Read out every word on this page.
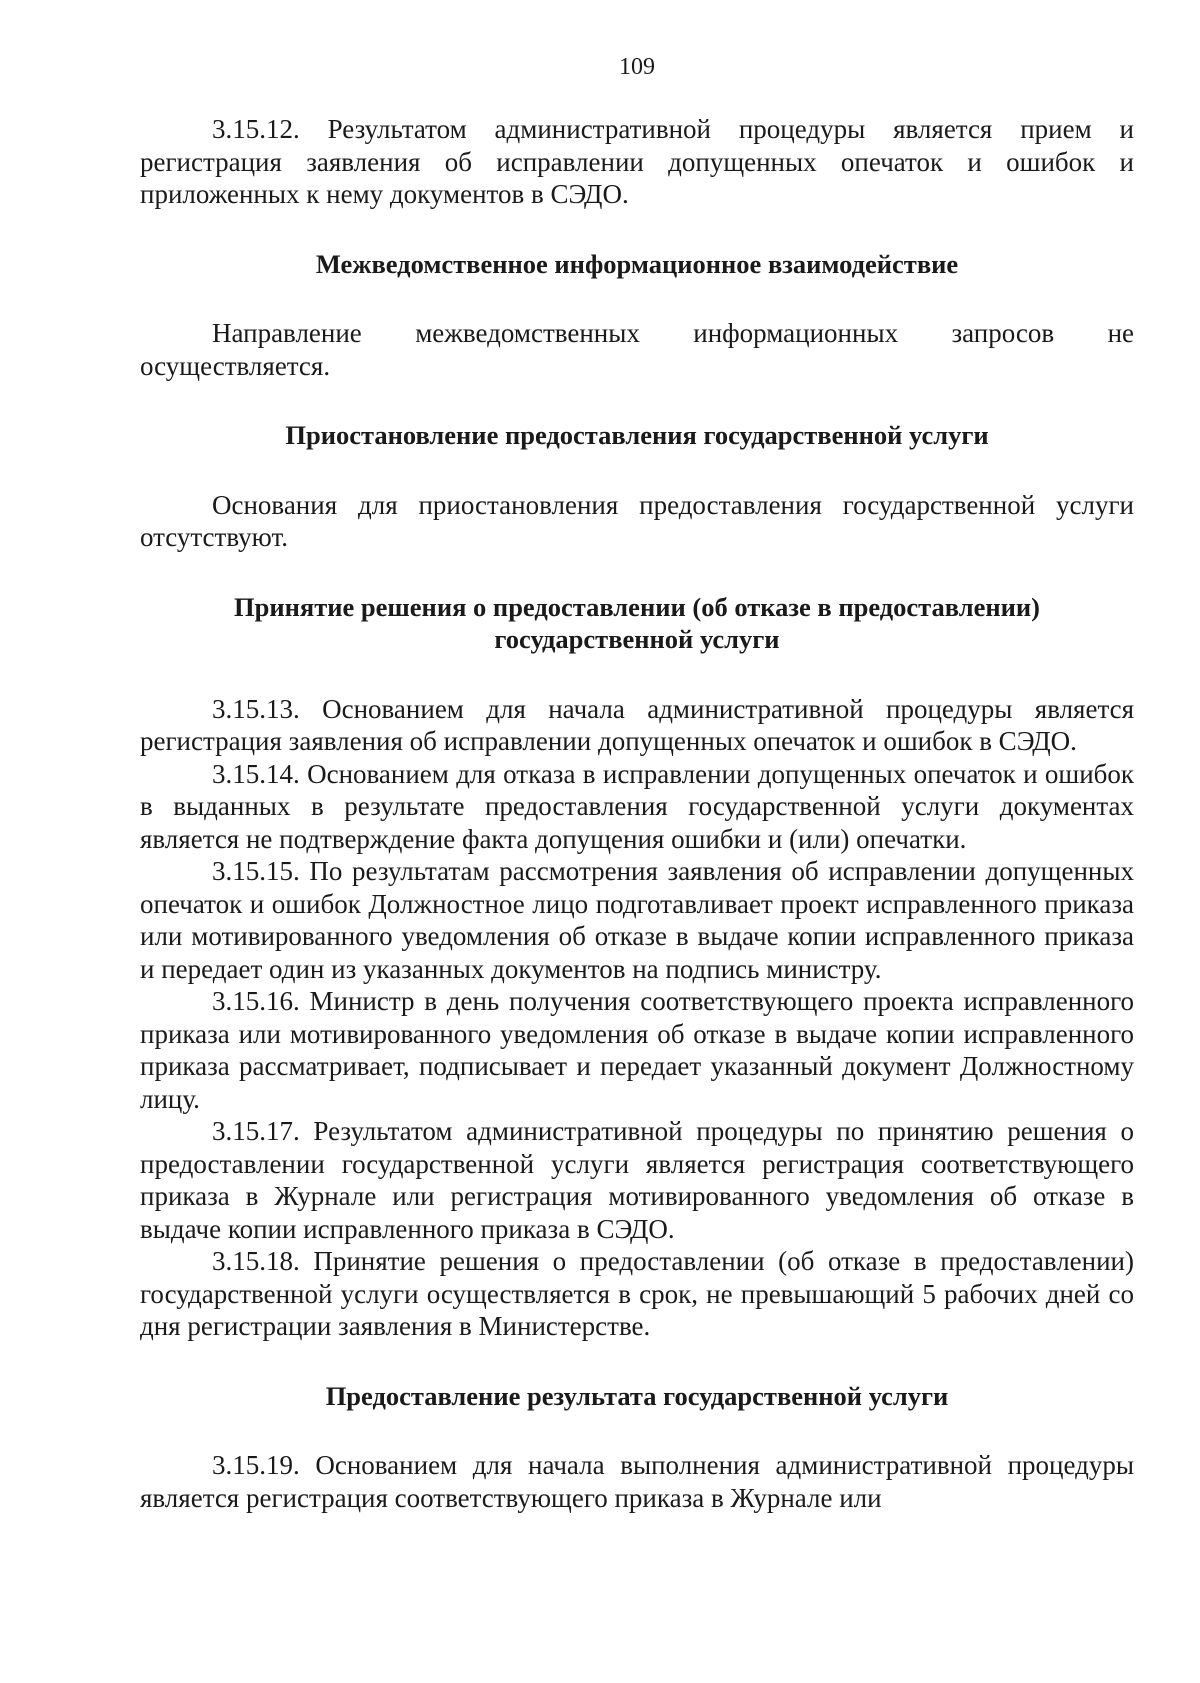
109

3.15.12. Результатом административной процедуры является прием и регистрация заявления об исправлении допущенных опечаток и ошибок и приложенных к нему документов в СЭДО.

Межведомственное информационное взаимодействие

Направление межведомственных информационных запросов не осуществляется.

Приостановление предоставления государственной услуги

Основания для приостановления предоставления государственной услуги отсутствуют.

Принятие решения о предоставлении (об отказе в предоставлении) государственной услуги

3.15.13. Основанием для начала административной процедуры является регистрация заявления об исправлении допущенных опечаток и ошибок в СЭДО.

3.15.14. Основанием для отказа в исправлении допущенных опечаток и ошибок в выданных в результате предоставления государственной услуги документах является не подтверждение факта допущения ошибки и (или) опечатки.

3.15.15. По результатам рассмотрения заявления об исправлении допущенных опечаток и ошибок Должностное лицо подготавливает проект исправленного приказа или мотивированного уведомления об отказе в выдаче копии исправленного приказа и передает один из указанных документов на подпись министру.

3.15.16. Министр в день получения соответствующего проекта исправленного приказа или мотивированного уведомления об отказе в выдаче копии исправленного приказа рассматривает, подписывает и передает указанный документ Должностному лицу.

3.15.17. Результатом административной процедуры по принятию решения о предоставлении государственной услуги является регистрация соответствующего приказа в Журнале или регистрация мотивированного уведомления об отказе в выдаче копии исправленного приказа в СЭДО.

3.15.18. Принятие решения о предоставлении (об отказе в предоставлении) государственной услуги осуществляется в срок, не превышающий 5 рабочих дней со дня регистрации заявления в Министерстве.

Предоставление результата государственной услуги

3.15.19. Основанием для начала выполнения административной процедуры является регистрация соответствующего приказа в Журнале или
